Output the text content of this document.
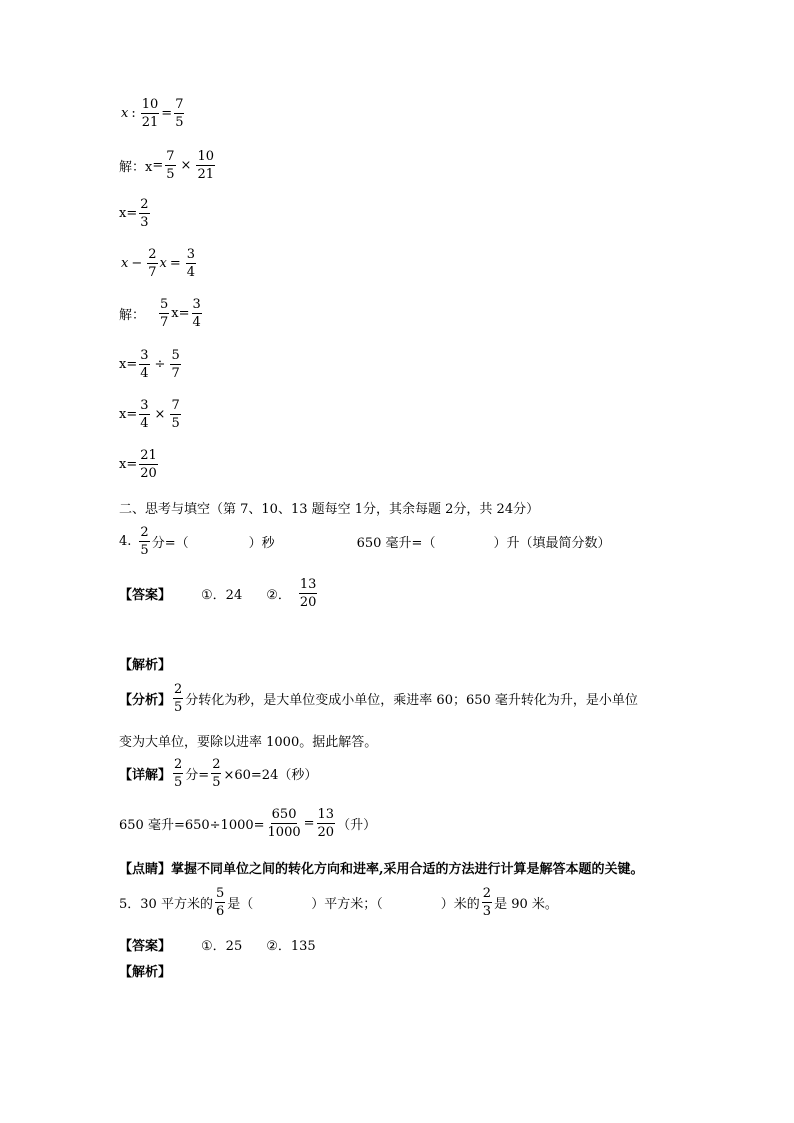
x : $\frac{10}{21} = \frac{7}{5}$
解：$x = \frac{7}{5} \times \frac{10}{21}$
$x = \frac{2}{3}$
$x - \frac{2}{7}$ $x = \frac{3}{4}$
解： $\frac{5}{7}$ $x = \frac{3}{4}$
$x = \frac{3}{4} \div \frac{5}{7}$
$x = \frac{3}{4} \times \frac{7}{5}$
$x = \frac{21}{20}$
二、思考与填空（第 7、10、13 题每空 1分，其余每题 2分，共 24分）
4. $\frac{2}{5}$ 分=（	）秒	650 毫升=（	）升（填最简分数）
【答案】 ①．24 ②． $\frac{13}{20}$
【解析】
【分析】 $\frac{2}{5}$ 分转化为秒，是大单位变成小单位，乘进率 60；650 毫升转化为升，是小单位
变为大单位，要除以进率 1000。据此解答。
【详解】 $\frac{2}{5}$ 分= $\frac{2}{5} \times 60=24$（秒）
650 毫升$=650\div 1000= \frac{650}{1000} = \frac{13}{20}$ （升）
【点睛】 掌握不同单位之间的转化方向和进率,采用合适的方法进行计算是解答本题的关键。
5．30 平方米的 $\frac{5}{6}$ 是（	）平方米；（	）米的 $\frac{2}{3}$ 是 90 米。
【答案】 ①．25 ②．135
【解析】
